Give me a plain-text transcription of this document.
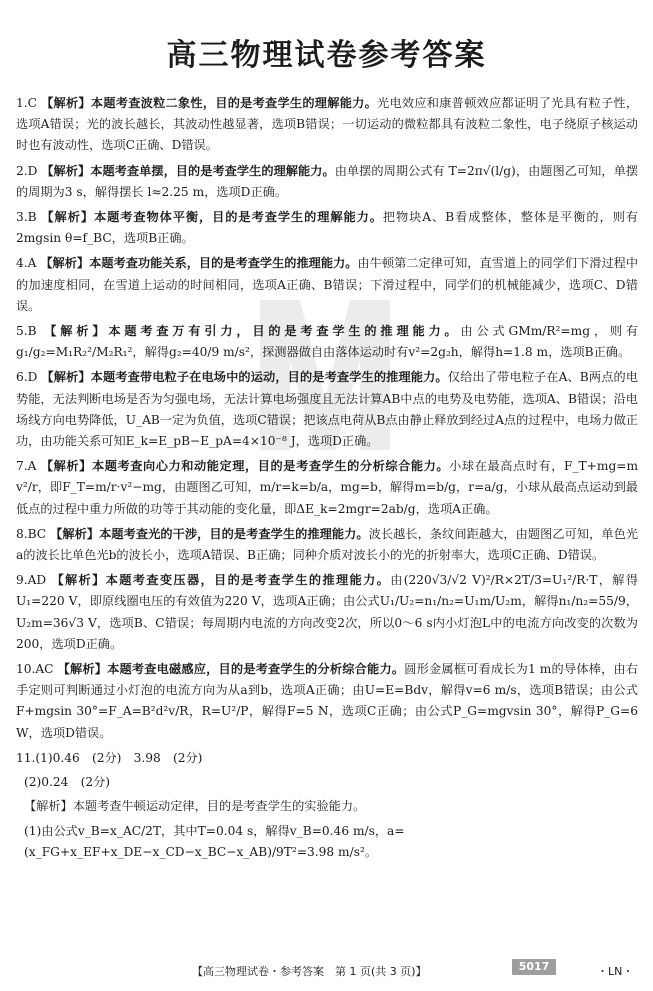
高三物理试卷参考答案

1.C 【解析】本题考查波粒二象性，目的是考查学生的理解能力。光电效应和康普顿效应都证明了光具有粒子性，选项A错误；光的波长越长，其波动性越显著，选项B错误；一切运动的微粒都具有波粒二象性，电子绕原子核运动时也有波动性，选项C正确、D错误。

2.D 【解析】本题考查单摆，目的是考查学生的理解能力。由单摆的周期公式有 T=2π√(l/g)，由题图乙可知，单摆的周期为3 s，解得摆长 l≈2.25 m，选项D正确。

3.B 【解析】本题考查物体平衡，目的是考查学生的理解能力。把物块A、B看成整体，整体是平衡的，则有2mgsin θ=f_BC，选项B正确。

4.A 【解析】本题考查功能关系，目的是考查学生的推理能力。由牛顿第二定律可知，直雪道上的同学们下滑过程中的加速度相同，在雪道上运动的时间相同，选项A正确、B错误；下滑过程中，同学们的机械能减少，选项C、D错误。

5.B 【解析】本题考查万有引力，目的是考查学生的推理能力。由公式GMm/R²=mg，则有g₁/g₂=M₁R₂²/M₂R₁²，解得g₂=40/9 m/s²，探测器做自由落体运动时有v²=2g₂h，解得h=1.8 m，选项B正确。

6.D 【解析】本题考查带电粒子在电场中的运动，目的是考查学生的推理能力。仅给出了带电粒子在A、B两点的电势能，无法判断电场是否为匀强电场，无法计算电场强度且无法计算AB中点的电势及电势能，选项A、B错误；沿电场线方向电势降低，U_AB一定为负值，选项C错误；把该点电荷从B点由静止释放到经过A点的过程中，电场力做正功，由功能关系可知E_k=E_pB−E_pA=4×10⁻⁸ J，选项D正确。

7.A 【解析】本题考查向心力和动能定理，目的是考查学生的分析综合能力。小球在最高点时有，F_T+mg=m v²/r，即F_T=m/r·v²−mg，由题图乙可知，m/r=k=b/a，mg=b，解得m=b/g，r=a/g，小球从最高点运动到最低点的过程中重力所做的功等于其动能的变化量，即ΔE_k=2mgr=2ab/g，选项A正确。

8.BC 【解析】本题考查光的干涉，目的是考查学生的推理能力。波长越长，条纹间距越大，由题图乙可知，单色光a的波长比单色光b的波长小，选项A错误、B正确；同种介质对波长小的光的折射率大，选项C正确、D错误。

9.AD 【解析】本题考查变压器，目的是考查学生的推理能力。由(220√3/√2 V)²/R×2T/3=U₁²/R·T，解得U₁=220 V，即原线圈电压的有效值为220 V，选项A正确；由公式U₁/U₂=n₁/n₂=U₁m/U₂m，解得n₁/n₂=55/9，U₂m=36√3 V，选项B、C错误；每周期内电流的方向改变2次，所以0～6 s内小灯泡L中的电流方向改变的次数为200，选项D正确。

10.AC 【解析】本题考查电磁感应，目的是考查学生的分析综合能力。圆形金属框可看成长为1 m的导体棒，由右手定则可判断通过小灯泡的电流方向为从a到b，选项A正确；由U=E=Bdv，解得v=6 m/s，选项B错误；由公式F+mgsin 30°=F_A=B²d²v/R，R=U²/P，解得F=5 N，选项C正确；由公式P_G=mgvsin 30°，解得P_G=6 W，选项D错误。

11.(1)0.46　(2分)　3.98　(2分)

(2)0.24　(2分)

【解析】本题考查牛顿运动定律，目的是考查学生的实验能力。

(1)由公式v_B=x_AC/2T，其中T=0.04 s，解得v_B=0.46 m/s，a=(x_FG+x_EF+x_DE−x_CD−x_BC−x_AB)/9T²=3.98 m/s²。

【高三物理试卷・参考答案　第 1 页(共 3 页)】	5017	・LN・
